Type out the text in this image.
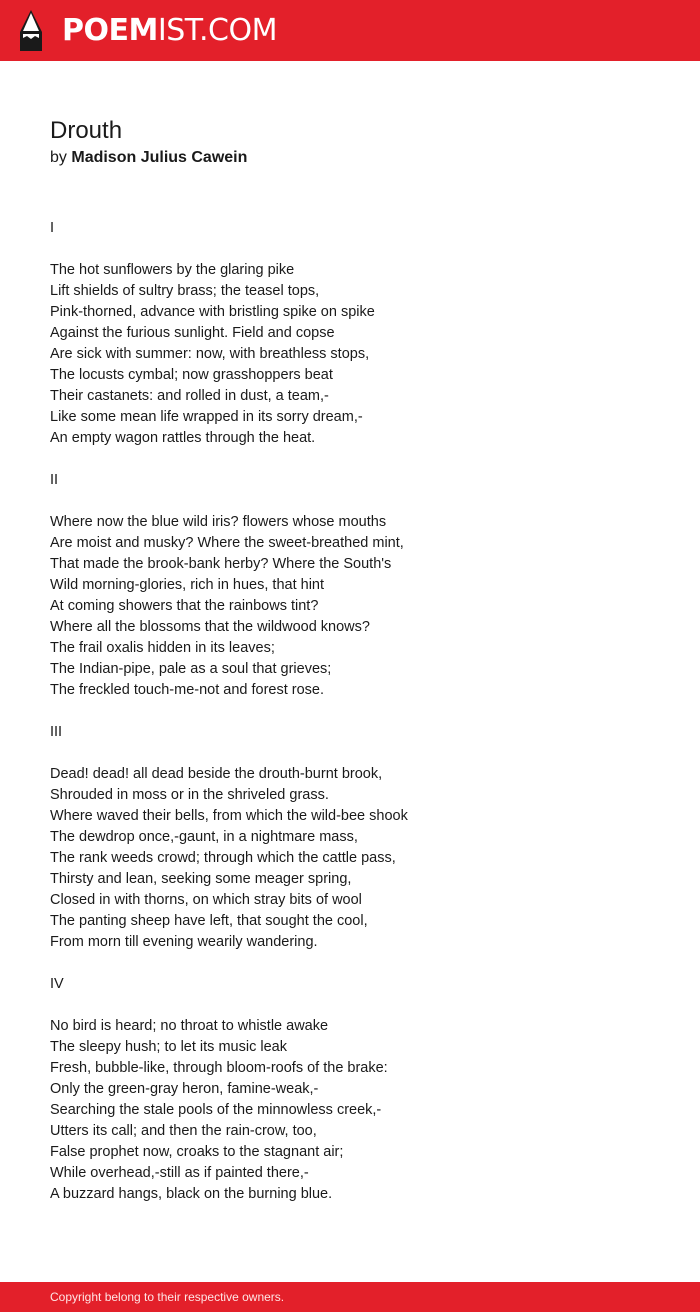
POEMIST.COM
Drouth
by Madison Julius Cawein
I
The hot sunflowers by the glaring pike
Lift shields of sultry brass; the teasel tops,
Pink-thorned, advance with bristling spike on spike
Against the furious sunlight. Field and copse
Are sick with summer: now, with breathless stops,
The locusts cymbal; now grasshoppers beat
Their castanets: and rolled in dust, a team,-
Like some mean life wrapped in its sorry dream,-
An empty wagon rattles through the heat.
II
Where now the blue wild iris? flowers whose mouths
Are moist and musky? Where the sweet-breathed mint,
That made the brook-bank herby? Where the South's
Wild morning-glories, rich in hues, that hint
At coming showers that the rainbows tint?
Where all the blossoms that the wildwood knows?
The frail oxalis hidden in its leaves;
The Indian-pipe, pale as a soul that grieves;
The freckled touch-me-not and forest rose.
III
Dead! dead! all dead beside the drouth-burnt brook,
Shrouded in moss or in the shriveled grass.
Where waved their bells, from which the wild-bee shook
The dewdrop once,-gaunt, in a nightmare mass,
The rank weeds crowd; through which the cattle pass,
Thirsty and lean, seeking some meager spring,
Closed in with thorns, on which stray bits of wool
The panting sheep have left, that sought the cool,
From morn till evening wearily wandering.
IV
No bird is heard; no throat to whistle awake
The sleepy hush; to let its music leak
Fresh, bubble-like, through bloom-roofs of the brake:
Only the green-gray heron, famine-weak,-
Searching the stale pools of the minnowless creek,-
Utters its call; and then the rain-crow, too,
False prophet now, croaks to the stagnant air;
While overhead,-still as if painted there,-
A buzzard hangs, black on the burning blue.
Copyright belong to their respective owners.
